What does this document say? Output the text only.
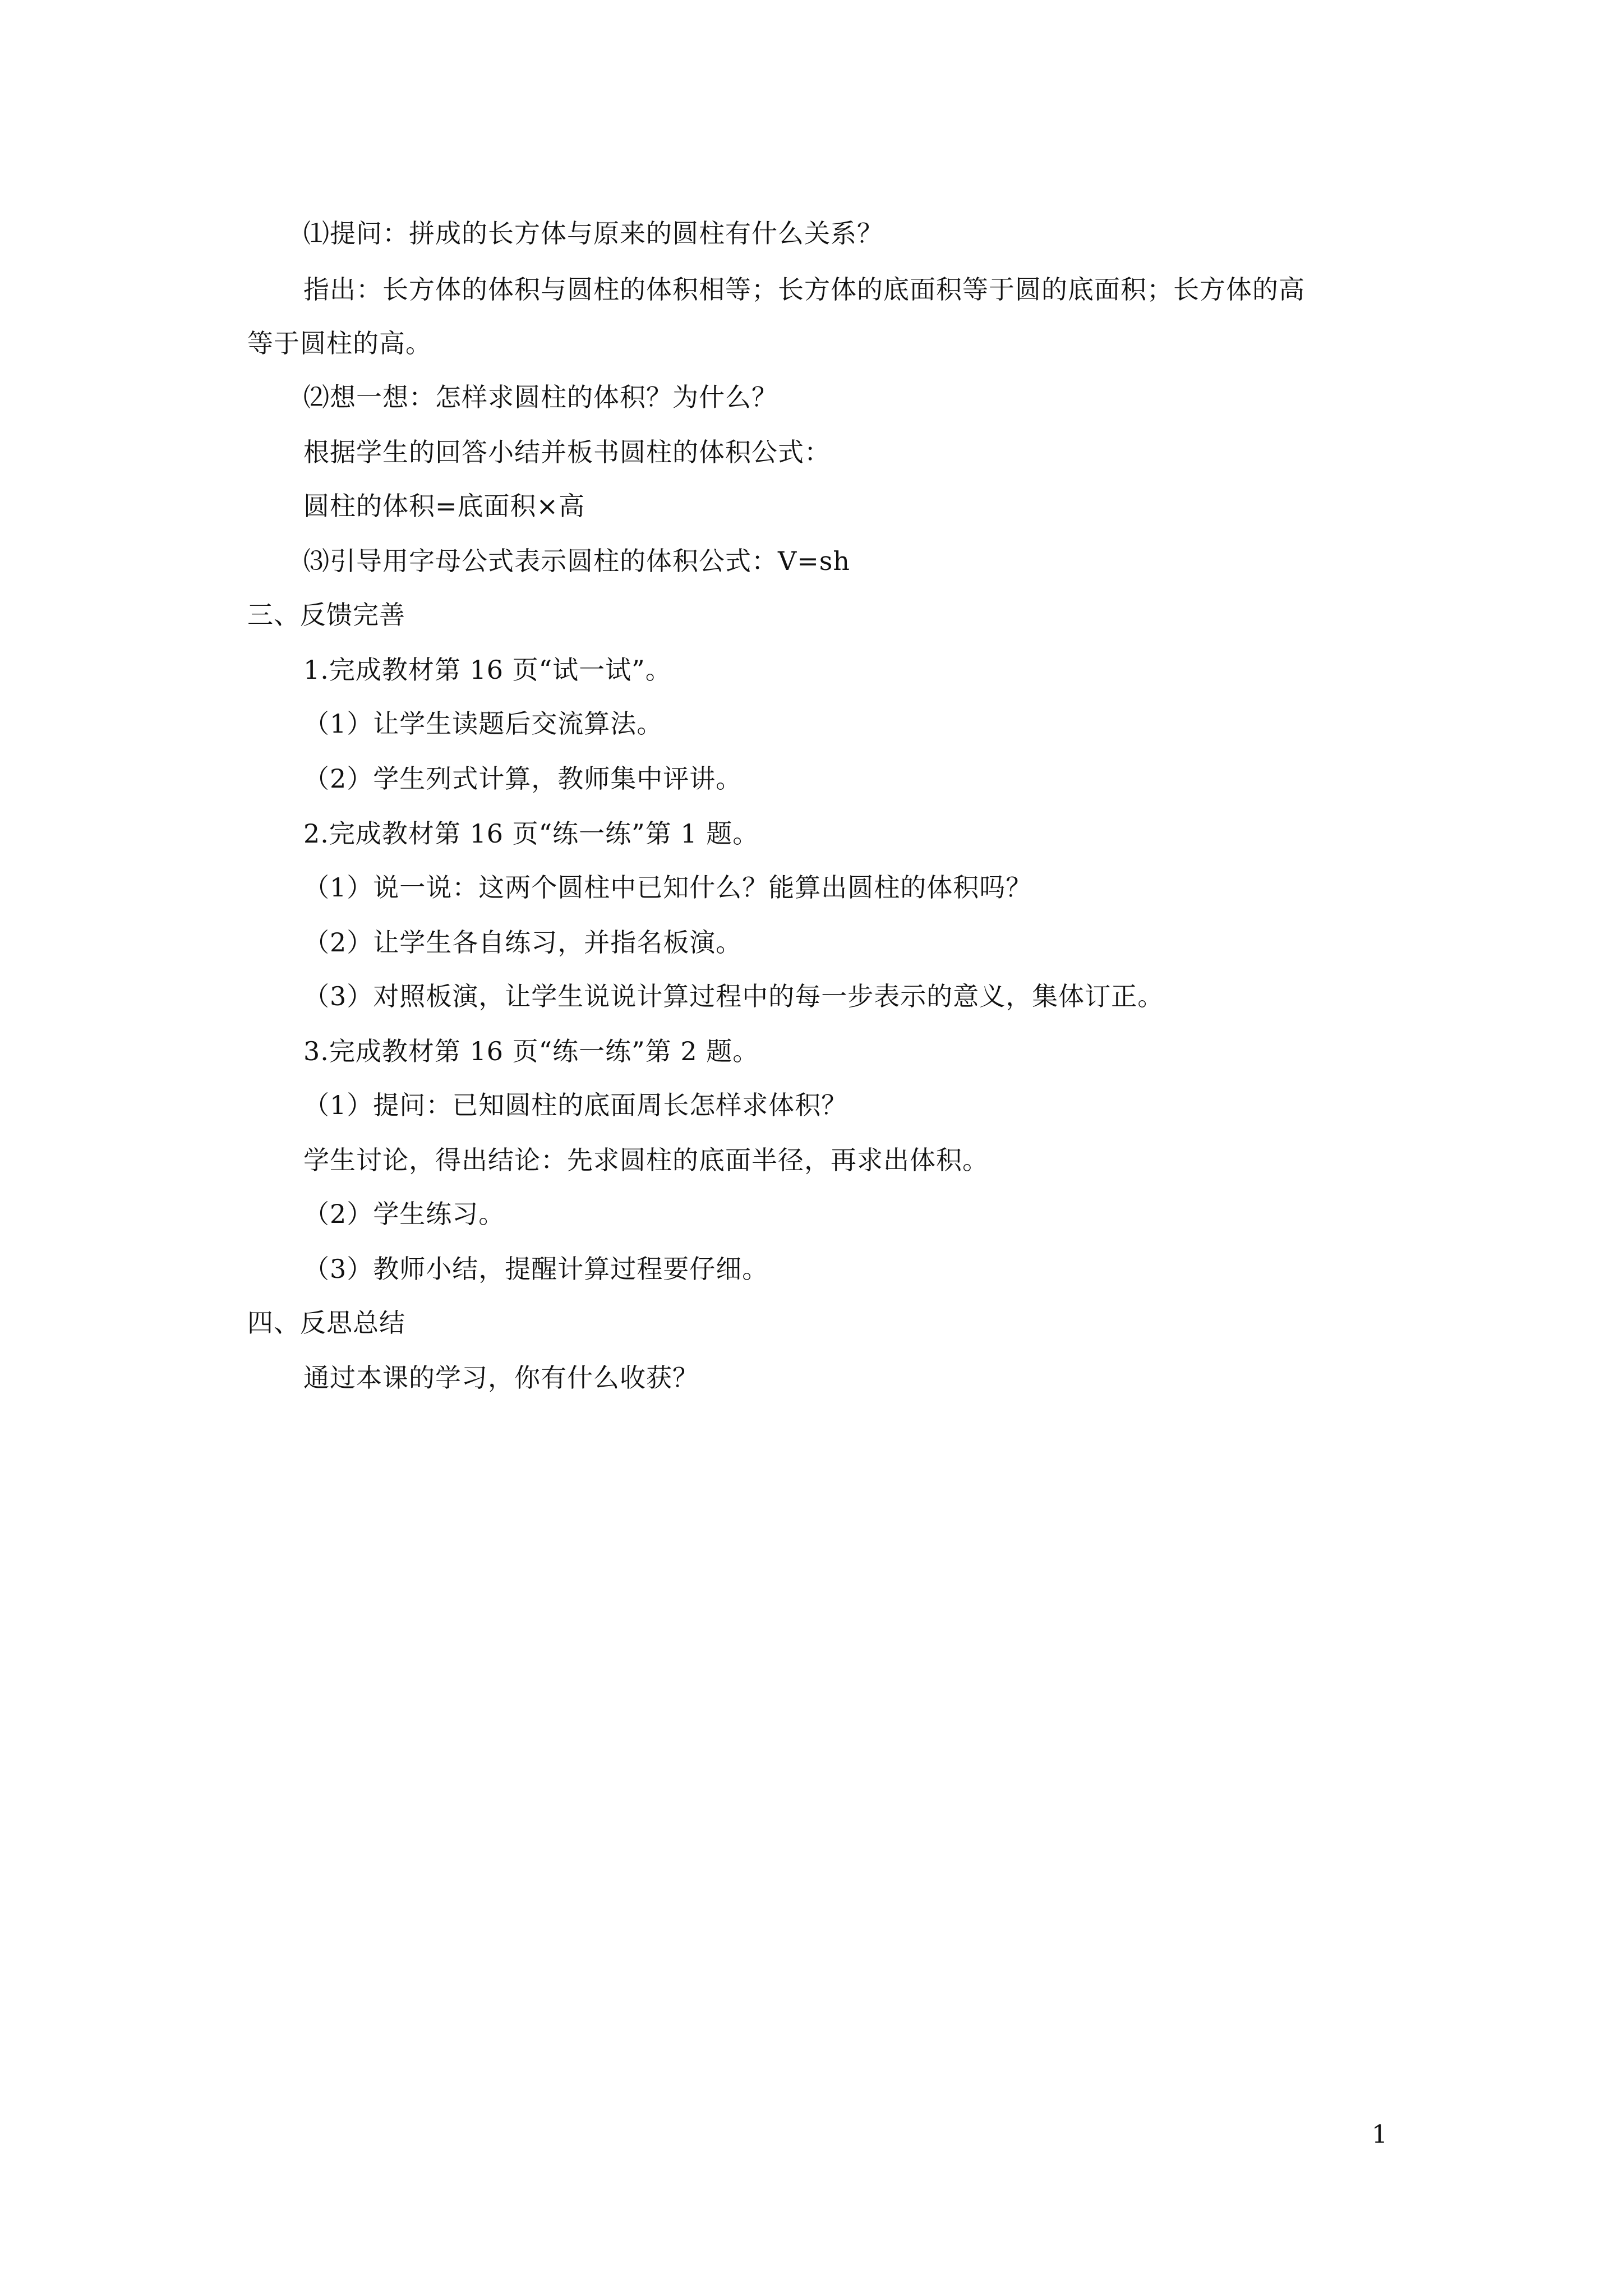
⑴提问：拼成的长方体与原来的圆柱有什么关系？
指出：长方体的体积与圆柱的体积相等；长方体的底面积等于圆的底面积；长方体的高
等于圆柱的高。
⑵想一想：怎样求圆柱的体积？为什么？
根据学生的回答小结并板书圆柱的体积公式：
圆柱的体积=底面积×高
⑶引导用字母公式表示圆柱的体积公式：V=sh
三、反馈完善
1.完成教材第 16 页“试一试”。
（1）让学生读题后交流算法。
（2）学生列式计算，教师集中评讲。
2.完成教材第 16 页“练一练”第 1 题。
（1）说一说：这两个圆柱中已知什么？能算出圆柱的体积吗？
（2）让学生各自练习，并指名板演。
（3）对照板演，让学生说说计算过程中的每一步表示的意义，集体订正。
3.完成教材第 16 页“练一练”第 2 题。
（1）提问：已知圆柱的底面周长怎样求体积？
学生讨论，得出结论：先求圆柱的底面半径，再求出体积。
（2）学生练习。
（3）教师小结，提醒计算过程要仔细。
四、反思总结
通过本课的学习，你有什么收获？
1
